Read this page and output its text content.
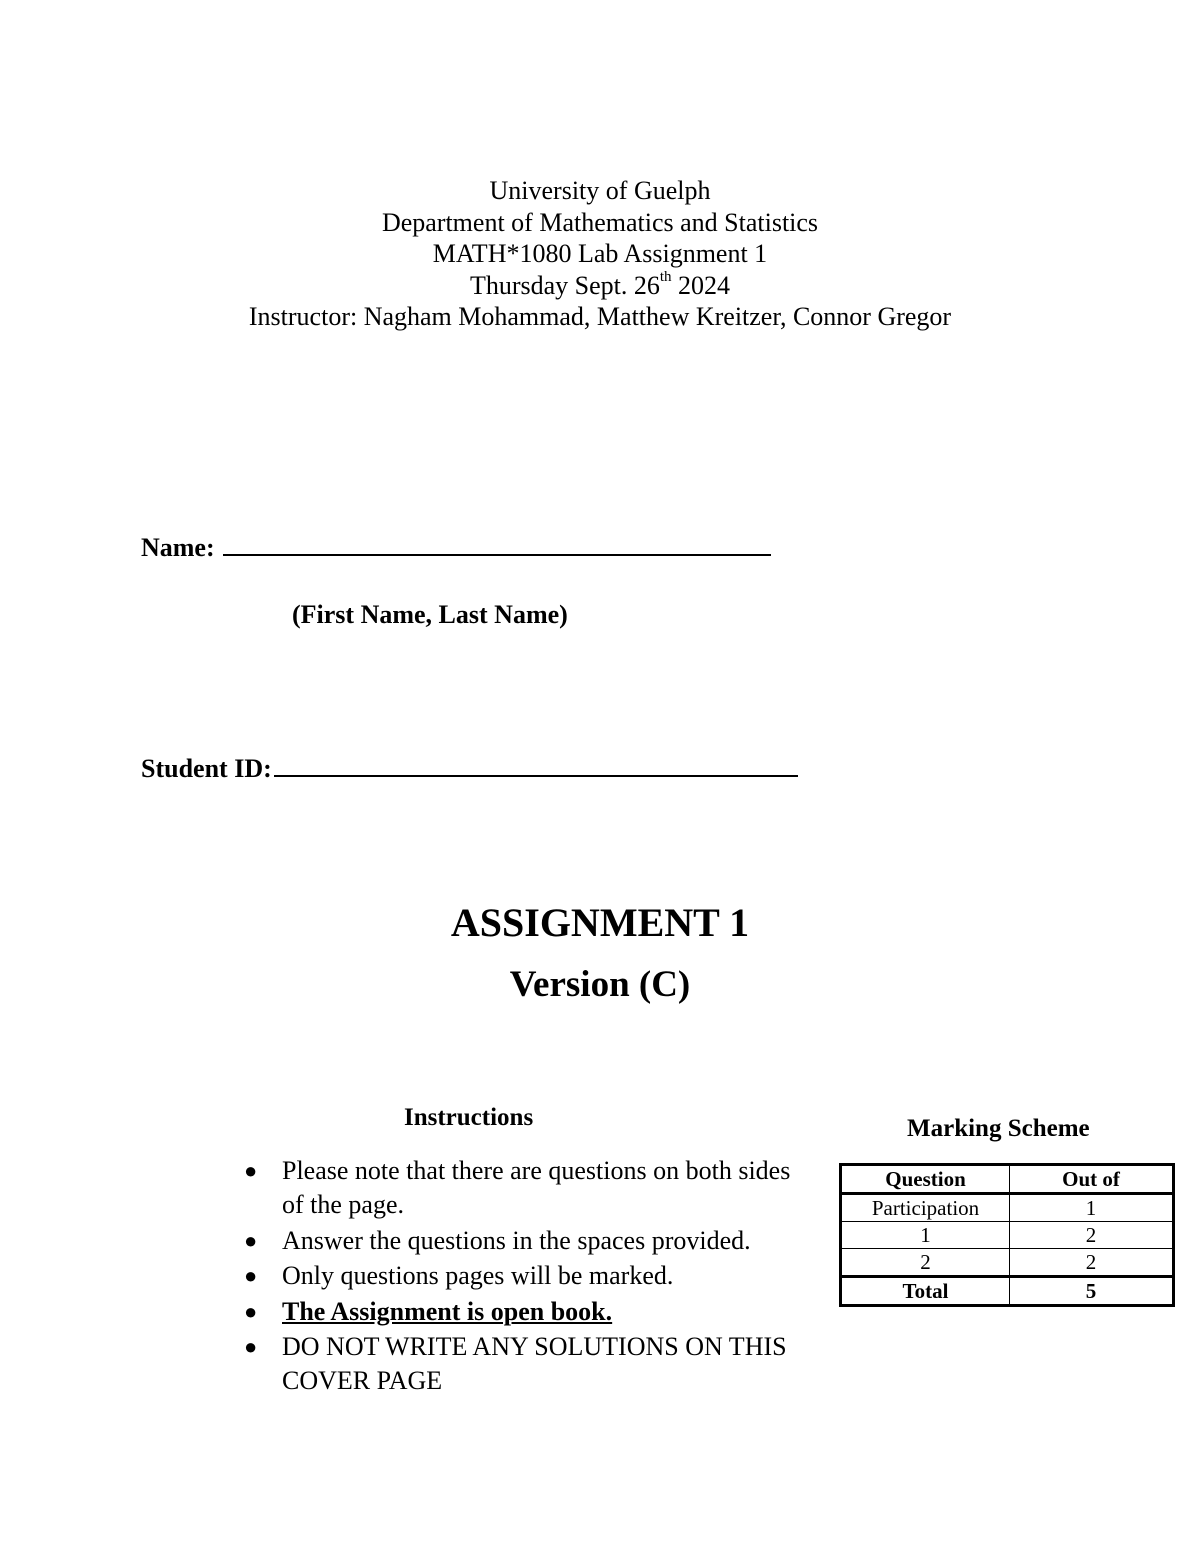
University of Guelph
Department of Mathematics and Statistics
MATH*1080 Lab Assignment 1
Thursday Sept. 26th 2024
Instructor: Nagham Mohammad, Matthew Kreitzer, Connor Gregor
Name:
(First Name, Last Name)
Student ID:
ASSIGNMENT 1
Version (C)
Instructions
● Please note that there are questions on both sides of the page.
● Answer the questions in the spaces provided.
● Only questions pages will be marked.
● The Assignment is open book.
● DO NOT WRITE ANY SOLUTIONS ON THIS COVER PAGE
Marking Scheme
Question	Out of
Participation	1
1	2
2	2
Total	5
